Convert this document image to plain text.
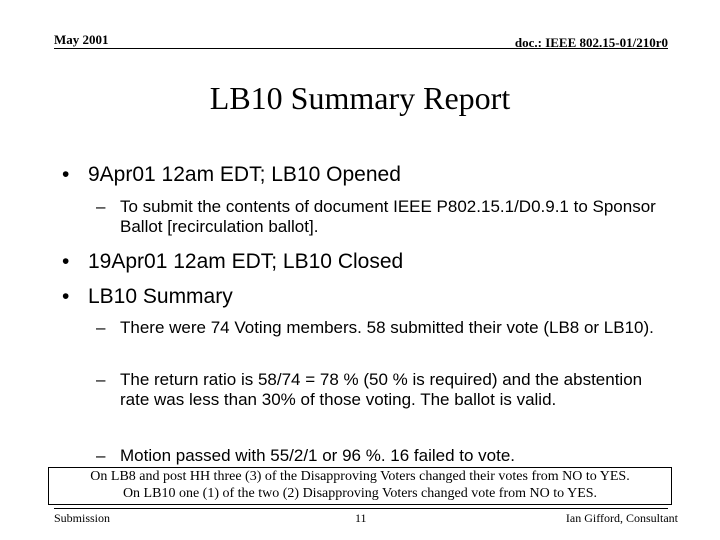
May 2001	doc.: IEEE 802.15-01/210r0
LB10 Summary Report
• 9Apr01 12am EDT; LB10 Opened
– To submit the contents of document IEEE P802.15.1/D0.9.1 to Sponsor Ballot [recirculation ballot].
• 19Apr01 12am EDT; LB10 Closed
• LB10 Summary
– There were 74 Voting members. 58 submitted their vote (LB8 or LB10).
– The return ratio is 58/74 = 78 % (50 % is required) and the abstention rate was less than 30% of those voting. The ballot is valid.
– Motion passed with 55/2/1 or 96 %. 16 failed to vote.
On LB8 and post HH three (3) of the Disapproving Voters changed their votes from NO to YES.
On LB10 one (1) of the two (2) Disapproving Voters changed vote from NO to YES.
Submission	11	Ian Gifford, Consultant
